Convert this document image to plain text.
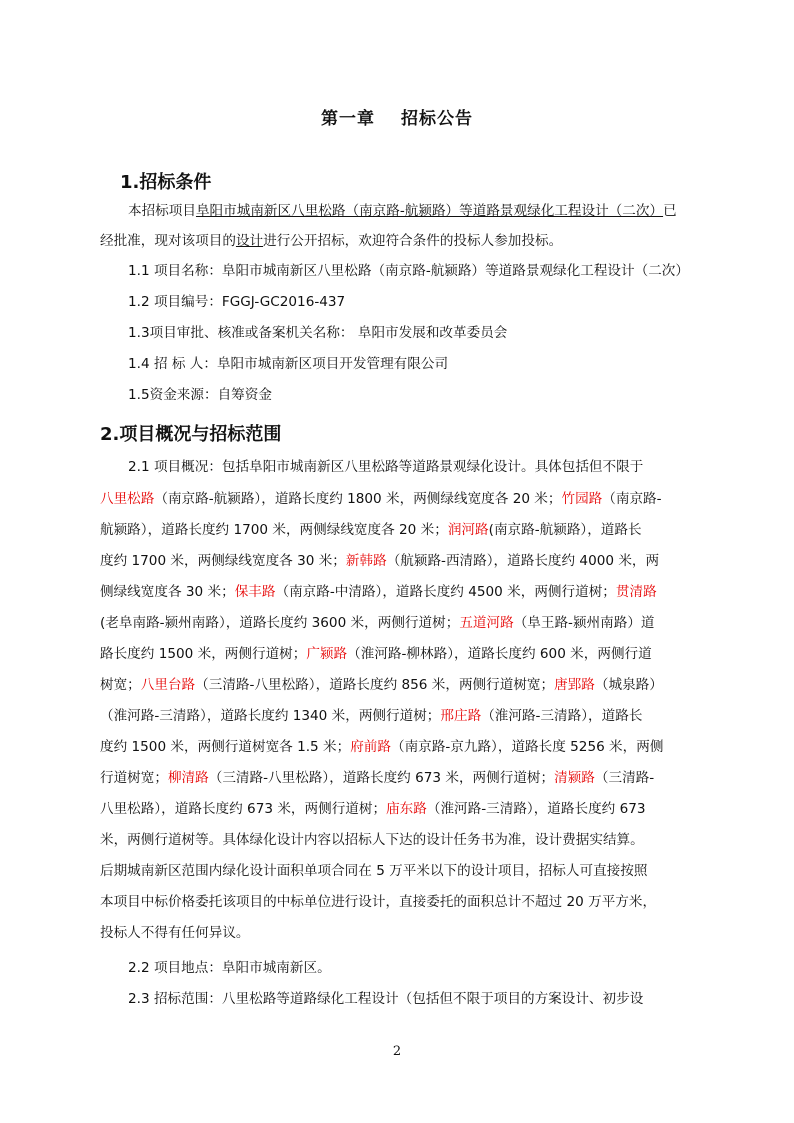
第一章 招标公告
1.招标条件
本招标项目阜阳市城南新区八里松路（南京路-航颍路）等道路景观绿化工程设计（二次）已
经批准，现对该项目的设计进行公开招标，欢迎符合条件的投标人参加投标。
1.1 项目名称：阜阳市城南新区八里松路（南京路-航颍路）等道路景观绿化工程设计（二次）
1.2 项目编号：FGGJ-GC2016-437
1.3项目审批、核准或备案机关名称： 阜阳市发展和改革委员会
1.4 招 标 人：阜阳市城南新区项目开发管理有限公司
1.5资金来源：自筹资金
2.项目概况与招标范围
2.1 项目概况：包括阜阳市城南新区八里松路等道路景观绿化设计。具体包括但不限于
八里松路（南京路-航颍路），道路长度约 1800 米，两侧绿线宽度各 20 米；竹园路（南京路-
航颍路），道路长度约 1700 米，两侧绿线宽度各 20 米；润河路(南京路-航颍路），道路长
度约 1700 米，两侧绿线宽度各 30 米；新韩路（航颍路-西清路），道路长度约 4000 米，两
侧绿线宽度各 30 米；保丰路（南京路-中清路），道路长度约 4500 米，两侧行道树；贯清路
(老阜南路-颍州南路），道路长度约 3600 米，两侧行道树；五道河路（阜王路-颍州南路）道
路长度约 1500 米，两侧行道树；广颍路（淮河路-柳林路），道路长度约 600 米，两侧行道
树宽；八里台路（三清路-八里松路），道路长度约 856 米，两侧行道树宽；唐郢路（城泉路）
（淮河路-三清路），道路长度约 1340 米，两侧行道树；邢庄路（淮河路-三清路），道路长
度约 1500 米，两侧行道树宽各 1.5 米；府前路（南京路-京九路），道路长度 5256 米，两侧
行道树宽；柳清路（三清路-八里松路），道路长度约 673 米，两侧行道树；清颍路（三清路-
八里松路），道路长度约 673 米，两侧行道树；庙东路（淮河路-三清路），道路长度约 673
米，两侧行道树等。具体绿化设计内容以招标人下达的设计任务书为准，设计费据实结算。
后期城南新区范围内绿化设计面积单项合同在 5 万平米以下的设计项目，招标人可直接按照
本项目中标价格委托该项目的中标单位进行设计，直接委托的面积总计不超过 20 万平方米，
投标人不得有任何异议。
2.2 项目地点：阜阳市城南新区。
2.3 招标范围：八里松路等道路绿化工程设计（包括但不限于项目的方案设计、初步设
2
